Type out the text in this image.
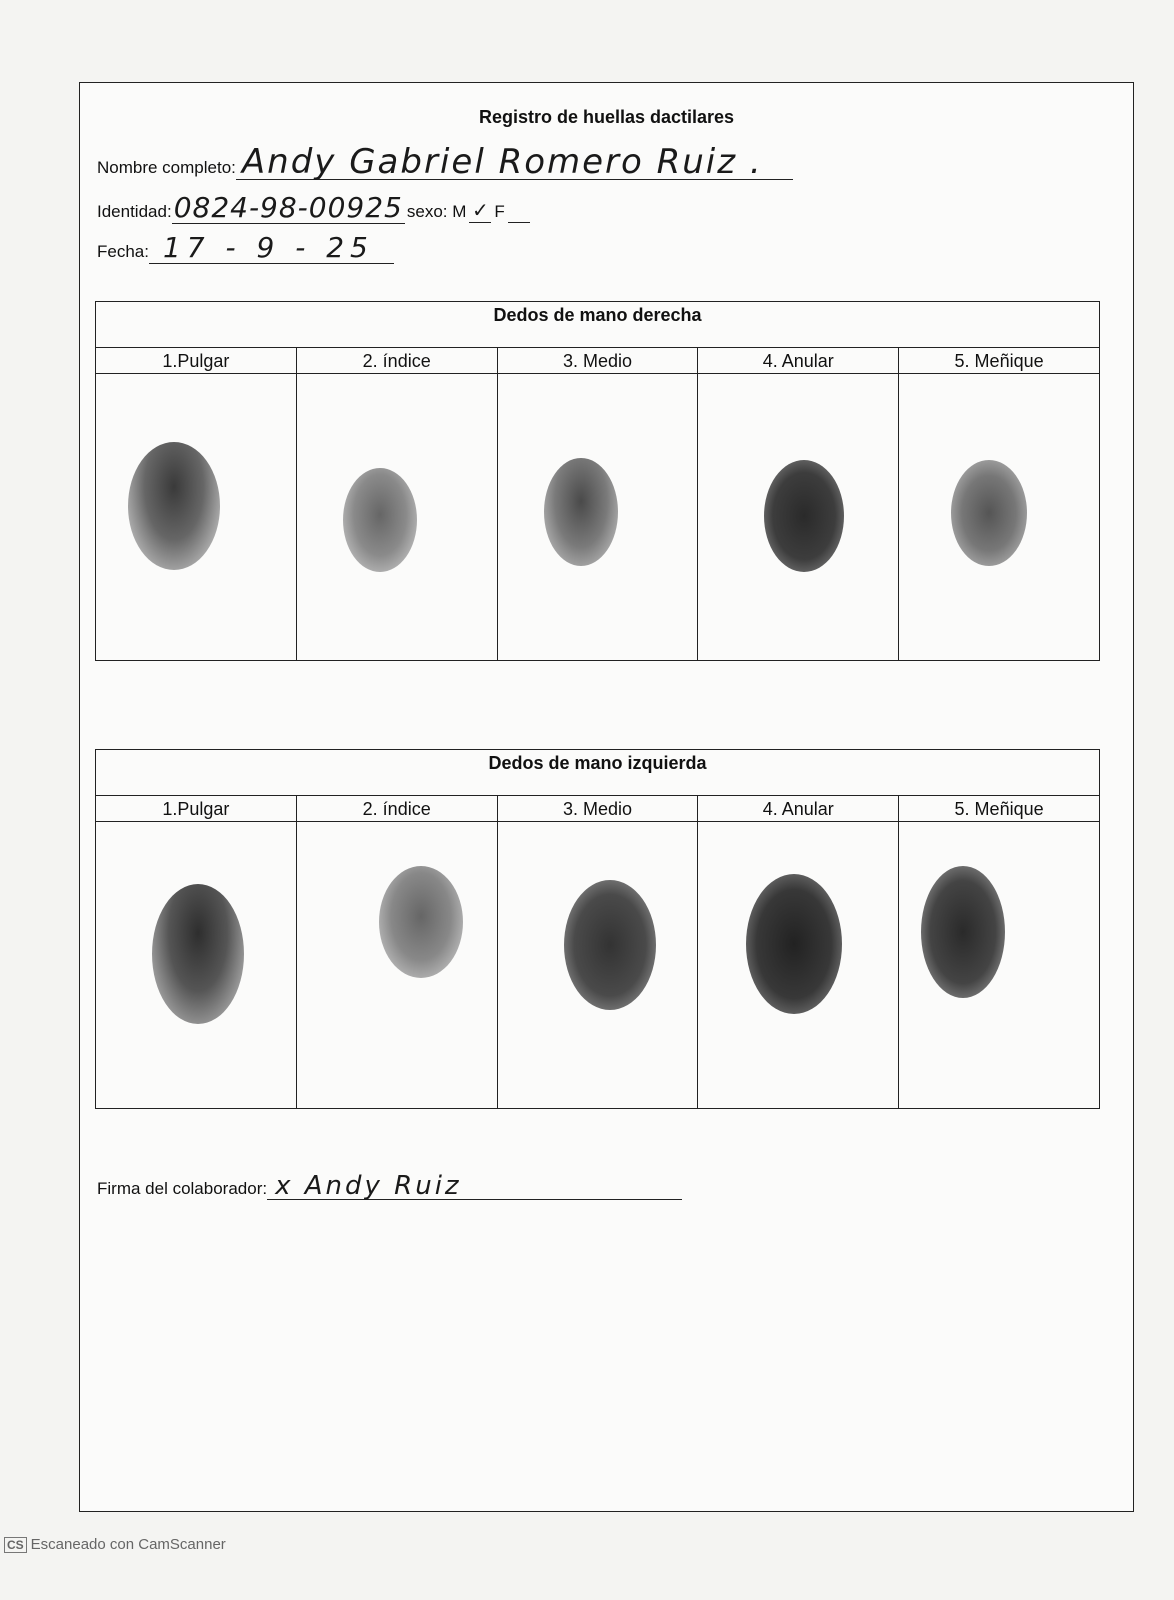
Registro de huellas dactilares
Nombre completo: Andy Gabriel Romero Ruiz .
Identidad:0824-98-00925 sexo: M ✓ F
Fecha: 17 - 9 - 25
Dedos de mano derecha
1.Pulgar	2. índice	3. Medio	4. Anular	5. Meñique
Dedos de mano izquierda
1.Pulgar	2. índice	3. Medio	4. Anular	5. Meñique
Firma del colaborador: x Andy Ruiz
CS Escaneado con CamScanner
